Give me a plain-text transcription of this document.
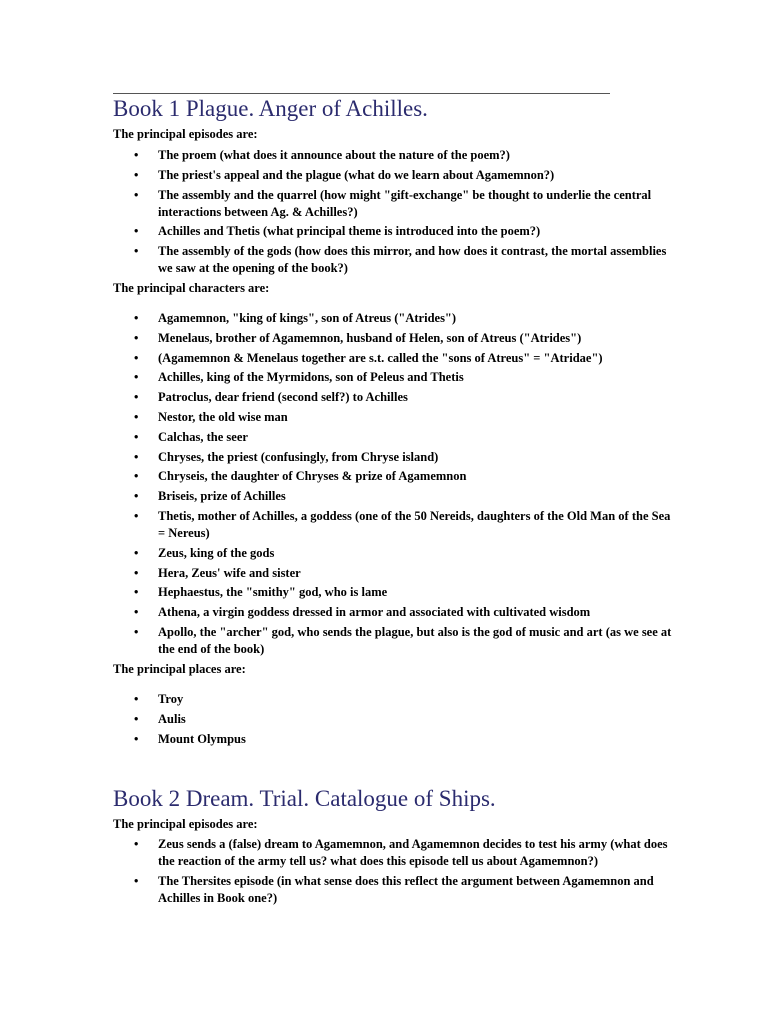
Book 1 Plague. Anger of Achilles.

The principal episodes are:

• The proem (what does it announce about the nature of the poem?)
• The priest's appeal and the plague (what do we learn about Agamemnon?)
• The assembly and the quarrel (how might "gift-exchange" be thought to underlie the central interactions between Ag. & Achilles?)
• Achilles and Thetis (what principal theme is introduced into the poem?)
• The assembly of the gods (how does this mirror, and how does it contrast, the mortal assemblies we saw at the opening of the book?)

The principal characters are:

• Agamemnon, "king of kings", son of Atreus ("Atrides")
• Menelaus, brother of Agamemnon, husband of Helen, son of Atreus ("Atrides")
• (Agamemnon & Menelaus together are s.t. called the "sons of Atreus" = "Atridae")
• Achilles, king of the Myrmidons, son of Peleus and Thetis
• Patroclus, dear friend (second self?) to Achilles
• Nestor, the old wise man
• Calchas, the seer
• Chryses, the priest (confusingly, from Chryse island)
• Chryseis, the daughter of Chryses & prize of Agamemnon
• Briseis, prize of Achilles
• Thetis, mother of Achilles, a goddess (one of the 50 Nereids, daughters of the Old Man of the Sea = Nereus)
• Zeus, king of the gods
• Hera, Zeus' wife and sister
• Hephaestus, the "smithy" god, who is lame
• Athena, a virgin goddess dressed in armor and associated with cultivated wisdom
• Apollo, the "archer" god, who sends the plague, but also is the god of music and art (as we see at the end of the book)

The principal places are:

• Troy
• Aulis
• Mount Olympus
Book 2 Dream. Trial. Catalogue of Ships.

The principal episodes are:

• Zeus sends a (false) dream to Agamemnon, and Agamemnon decides to test his army (what does the reaction of the army tell us? what does this episode tell us about Agamemnon?)
• The Thersites episode (in what sense does this reflect the argument between Agamemnon and Achilles in Book one?)
